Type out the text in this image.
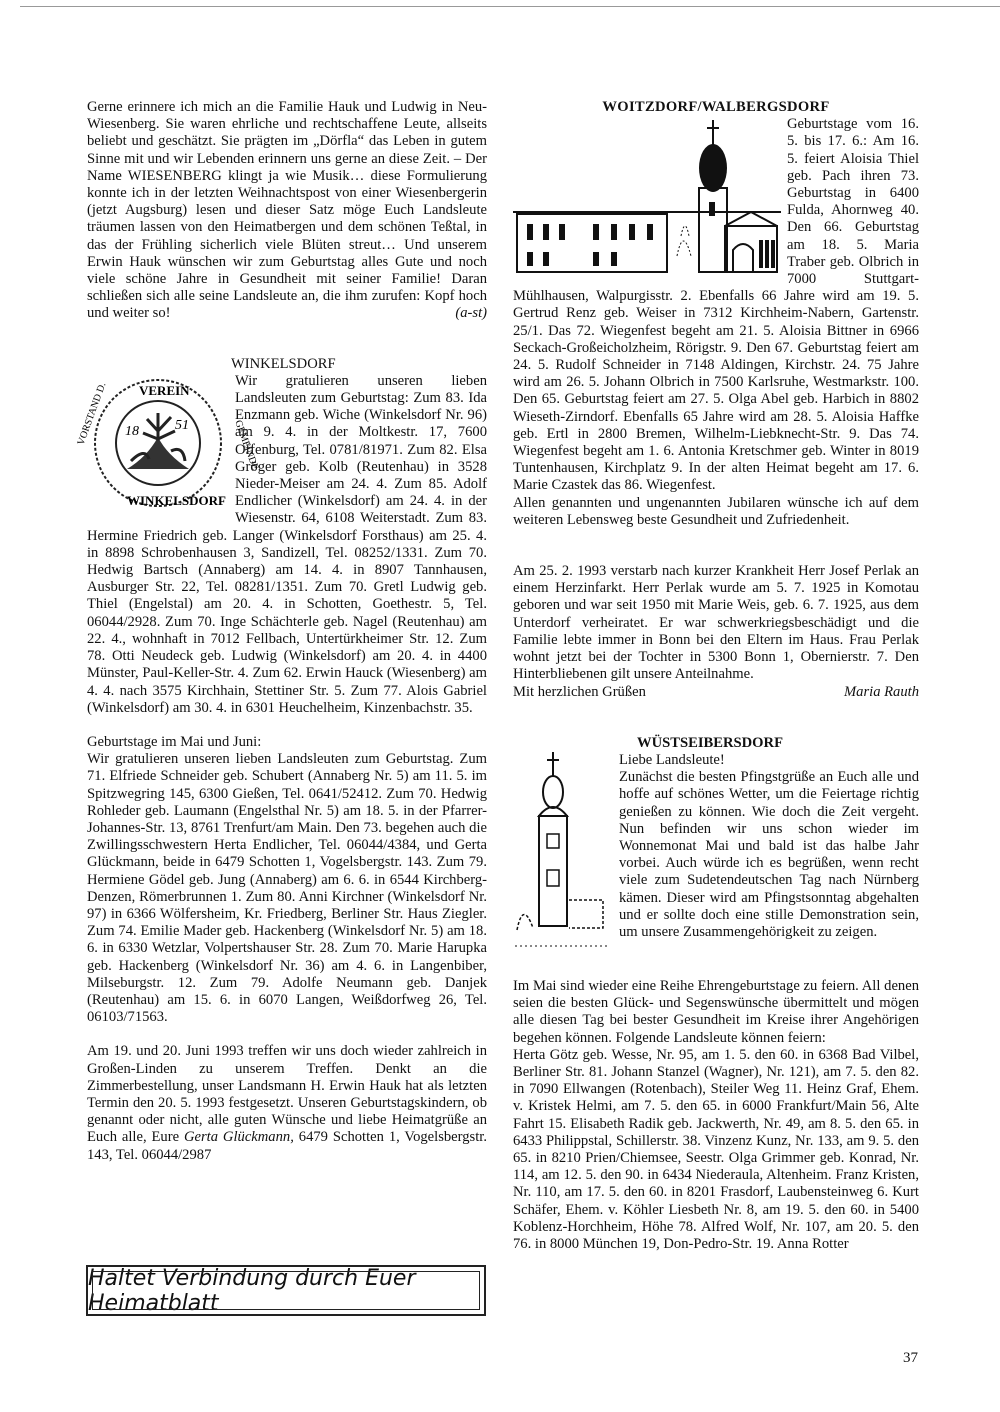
Gerne erinnere ich mich an die Familie Hauk und Ludwig in Neu-Wiesenberg. Sie waren ehrliche und rechtschaffene Leute, allseits beliebt und geschätzt. Sie prägten im „Dörfla“ das Leben in gutem Sinne mit und wir Lebenden erinnern uns gerne an diese Zeit. – Der Name WIESENBERG klingt ja wie Musik… diese Formulierung konnte ich in der letzten Weihnachtspost von einer Wiesenbergerin (jetzt Augsburg) lesen und dieser Satz möge Euch Landsleute träumen lassen von den Heimatbergen und dem schönen Teßtal, in das der Frühling sicherlich viele Blüten streut… Und unserem Erwin Hauk wünschen wir zum Geburtstag alles Gute und noch viele schöne Jahre in Gesundheit mit seiner Familie! Daran schließen sich alle seine Landsleute an, die ihm zurufen: Kopf hoch und weiter so!	(a-st)

WINKELSDORF
18	51
VEREIN
WINKELSDORF
VORSTAND D.	GEMEINDE

Wir gratulieren unseren lieben Landsleuten zum Geburtstag: Zum 83. Ida Enzmann geb. Wiche (Winkelsdorf Nr. 96) am 9. 4. in der Moltkestr. 17, 7600 Offenburg, Tel. 0781/81971. Zum 82. Elsa Gröger geb. Kolb (Reutenhau) in 3528 Nieder-Meiser am 24. 4. Zum 85. Adolf Endlicher (Winkelsdorf) am 24. 4. in der Wiesenstr. 64, 6108 Weiterstadt. Zum 83. Hermine Friedrich geb. Langer (Winkelsdorf Forsthaus) am 25. 4. in 8898 Schrobenhausen 3, Sandizell, Tel. 08252/1331. Zum 70. Hedwig Bartsch (Annaberg) am 14. 4. in 8907 Tannhausen, Ausburger Str. 22, Tel. 08281/1351. Zum 70. Gretl Ludwig geb. Thiel (Engelstal) am 20. 4. in Schotten, Goethestr. 5, Tel. 06044/2928. Zum 70. Inge Schächterle geb. Nagel (Reutenhau) am 22. 4., wohnhaft in 7012 Fellbach, Untertürkheimer Str. 12. Zum 78. Otti Neudeck geb. Ludwig (Winkelsdorf) am 20. 4. in 4400 Münster, Paul-Keller-Str. 4. Zum 62. Erwin Hauck (Wiesenberg) am 4. 4. nach 3575 Kirchhain, Stettiner Str. 5. Zum 77. Alois Gabriel (Winkelsdorf) am 30. 4. in 6301 Heuchelheim, Kinzenbachstr. 35.

Geburtstage im Mai und Juni:

Wir gratulieren unseren lieben Landsleuten zum Geburtstag. Zum 71. Elfriede Schneider geb. Schubert (Annaberg Nr. 5) am 11. 5. im Spitzwegring 145, 6300 Gießen, Tel. 0641/52412. Zum 70. Hedwig Rohleder geb. Laumann (Engelsthal Nr. 5) am 18. 5. in der Pfarrer-Johannes-Str. 13, 8761 Trenfurt/am Main. Den 73. begehen auch die Zwillingsschwestern Herta Endlicher, Tel. 06044/4384, und Gerta Glückmann, beide in 6479 Schotten 1, Vogelsbergstr. 143. Zum 79. Hermiene Gödel geb. Jung (Annaberg) am 6. 6. in 6544 Kirchberg-Denzen, Römerbrunnen 1. Zum 80. Anni Kirchner (Winkelsdorf Nr. 97) in 6366 Wölfersheim, Kr. Friedberg, Berliner Str. Haus Ziegler. Zum 74. Emilie Mader geb. Hackenberg (Winkelsdorf Nr. 5) am 18. 6. in 6330 Wetzlar, Volpertshauser Str. 28. Zum 70. Marie Harupka geb. Hackenberg (Winkelsdorf Nr. 36) am 4. 6. in Langenbiber, Milseburgstr. 12. Zum 79. Adolfe Neumann geb. Danjek (Reutenhau) am 15. 6. in 6070 Langen, Weißdorfweg 26, Tel. 06103/71563.

Am 19. und 20. Juni 1993 treffen wir uns doch wieder zahlreich in Großen-Linden zu unserem Treffen. Denkt an die Zimmerbestellung, unser Landsmann H. Erwin Hauk hat als letzten Termin den 20. 5. 1993 festgesetzt. Unseren Geburtstagskindern, ob genannt oder nicht, alle guten Wünsche und liebe Heimatgrüße an Euch alle, Eure Gerta Glückmann, 6479 Schotten 1, Vogelsbergstr. 143, Tel. 06044/2987

Haltet Verbindung durch Euer Heimatblatt
WOITZDORF/WALBERGSDORF

Geburtstage vom 16. 5. bis 17. 6.: Am 16. 5. feiert Aloisia Thiel geb. Pach ihren 73. Geburtstag in 6400 Fulda, Ahornweg 40. Den 66. Geburtstag am 18. 5. Maria Traber geb. Olbrich in 7000 Stuttgart-Mühlhausen, Walpurgisstr. 2. Ebenfalls 66 Jahre wird am 19. 5. Gertrud Renz geb. Weiser in 7312 Kirchheim-Nabern, Gartenstr. 25/1. Das 72. Wiegenfest begeht am 21. 5. Aloisia Bittner in 6966 Seckach-Großeicholzheim, Rörigstr. 9. Den 67. Geburtstag feiert am 24. 5. Rudolf Schneider in 7148 Aldingen, Kirchstr. 24. 75 Jahre wird am 26. 5. Johann Olbrich in 7500 Karlsruhe, Westmarkstr. 100. Den 65. Geburtstag feiert am 27. 5. Olga Abel geb. Harbich in 8802 Wieseth-Zirndorf. Ebenfalls 65 Jahre wird am 28. 5. Aloisia Haffke geb. Ertl in 2800 Bremen, Wilhelm-Liebknecht-Str. 9. Das 74. Wiegenfest begeht am 1. 6. Antonia Kretschmer geb. Winter in 8019 Tuntenhausen, Kirchplatz 9. In der alten Heimat begeht am 17. 6. Marie Czastek das 86. Wiegenfest.

Allen genannten und ungenannten Jubilaren wünsche ich auf dem weiteren Lebensweg beste Gesundheit und Zufriedenheit.

Am 25. 2. 1993 verstarb nach kurzer Krankheit Herr Josef Perlak an einem Herzinfarkt. Herr Perlak wurde am 5. 7. 1925 in Komotau geboren und war seit 1950 mit Marie Weis, geb. 6. 7. 1925, aus dem Unterdorf verheiratet. Er war schwerkriegsbeschädigt und die Familie lebte immer in Bonn bei den Eltern im Haus. Frau Perlak wohnt jetzt bei der Tochter in 5300 Bonn 1, Obernierstr. 7. Den Hinterbliebenen gilt unsere Anteilnahme.

Mit herzlichen Grüßen	Maria Rauth
WÜSTSEIBERSDORF

Liebe Landsleute!

Zunächst die besten Pfingstgrüße an Euch alle und hoffe auf schönes Wetter, um die Feiertage richtig genießen zu können. Wie doch die Zeit vergeht. Nun befinden wir uns schon wieder im Wonnemonat Mai und bald ist das halbe Jahr vorbei. Auch würde ich es begrüßen, wenn recht viele zum Sudetendeutschen Tag nach Nürnberg kämen. Dieser wird am Pfingstsonntag abgehalten und er sollte doch eine stille Demonstration sein, um unsere Zusammengehörigkeit zu zeigen.

Im Mai sind wieder eine Reihe Ehrengeburtstage zu feiern. All denen seien die besten Glück- und Segenswünsche übermittelt und mögen alle diesen Tag bei bester Gesundheit im Kreise ihrer Angehörigen begehen können. Folgende Landsleute können feiern:

Herta Götz geb. Wesse, Nr. 95, am 1. 5. den 60. in 6368 Bad Vilbel, Berliner Str. 81. Johann Stanzel (Wagner), Nr. 121), am 7. 5. den 82. in 7090 Ellwangen (Rotenbach), Steiler Weg 11. Heinz Graf, Ehem. v. Kristek Helmi, am 7. 5. den 65. in 6000 Frankfurt/Main 56, Alte Fahrt 15. Elisabeth Radik geb. Jackwerth, Nr. 49, am 8. 5. den 65. in 6433 Philippstal, Schillerstr. 38. Vinzenz Kunz, Nr. 133, am 9. 5. den 65. in 8210 Prien/Chiemsee, Seestr. Olga Grimmer geb. Konrad, Nr. 114, am 12. 5. den 90. in 6434 Niederaula, Altenheim. Franz Kristen, Nr. 110, am 17. 5. den 60. in 8201 Frasdorf, Laubensteinweg 6. Kurt Schäfer, Ehem. v. Köhler Liesbeth Nr. 8, am 19. 5. den 60. in 5400 Koblenz-Horchheim, Höhe 78. Alfred Wolf, Nr. 107, am 20. 5. den 76. in 8000 München 19, Don-Pedro-Str. 19. Anna Rotter

37
